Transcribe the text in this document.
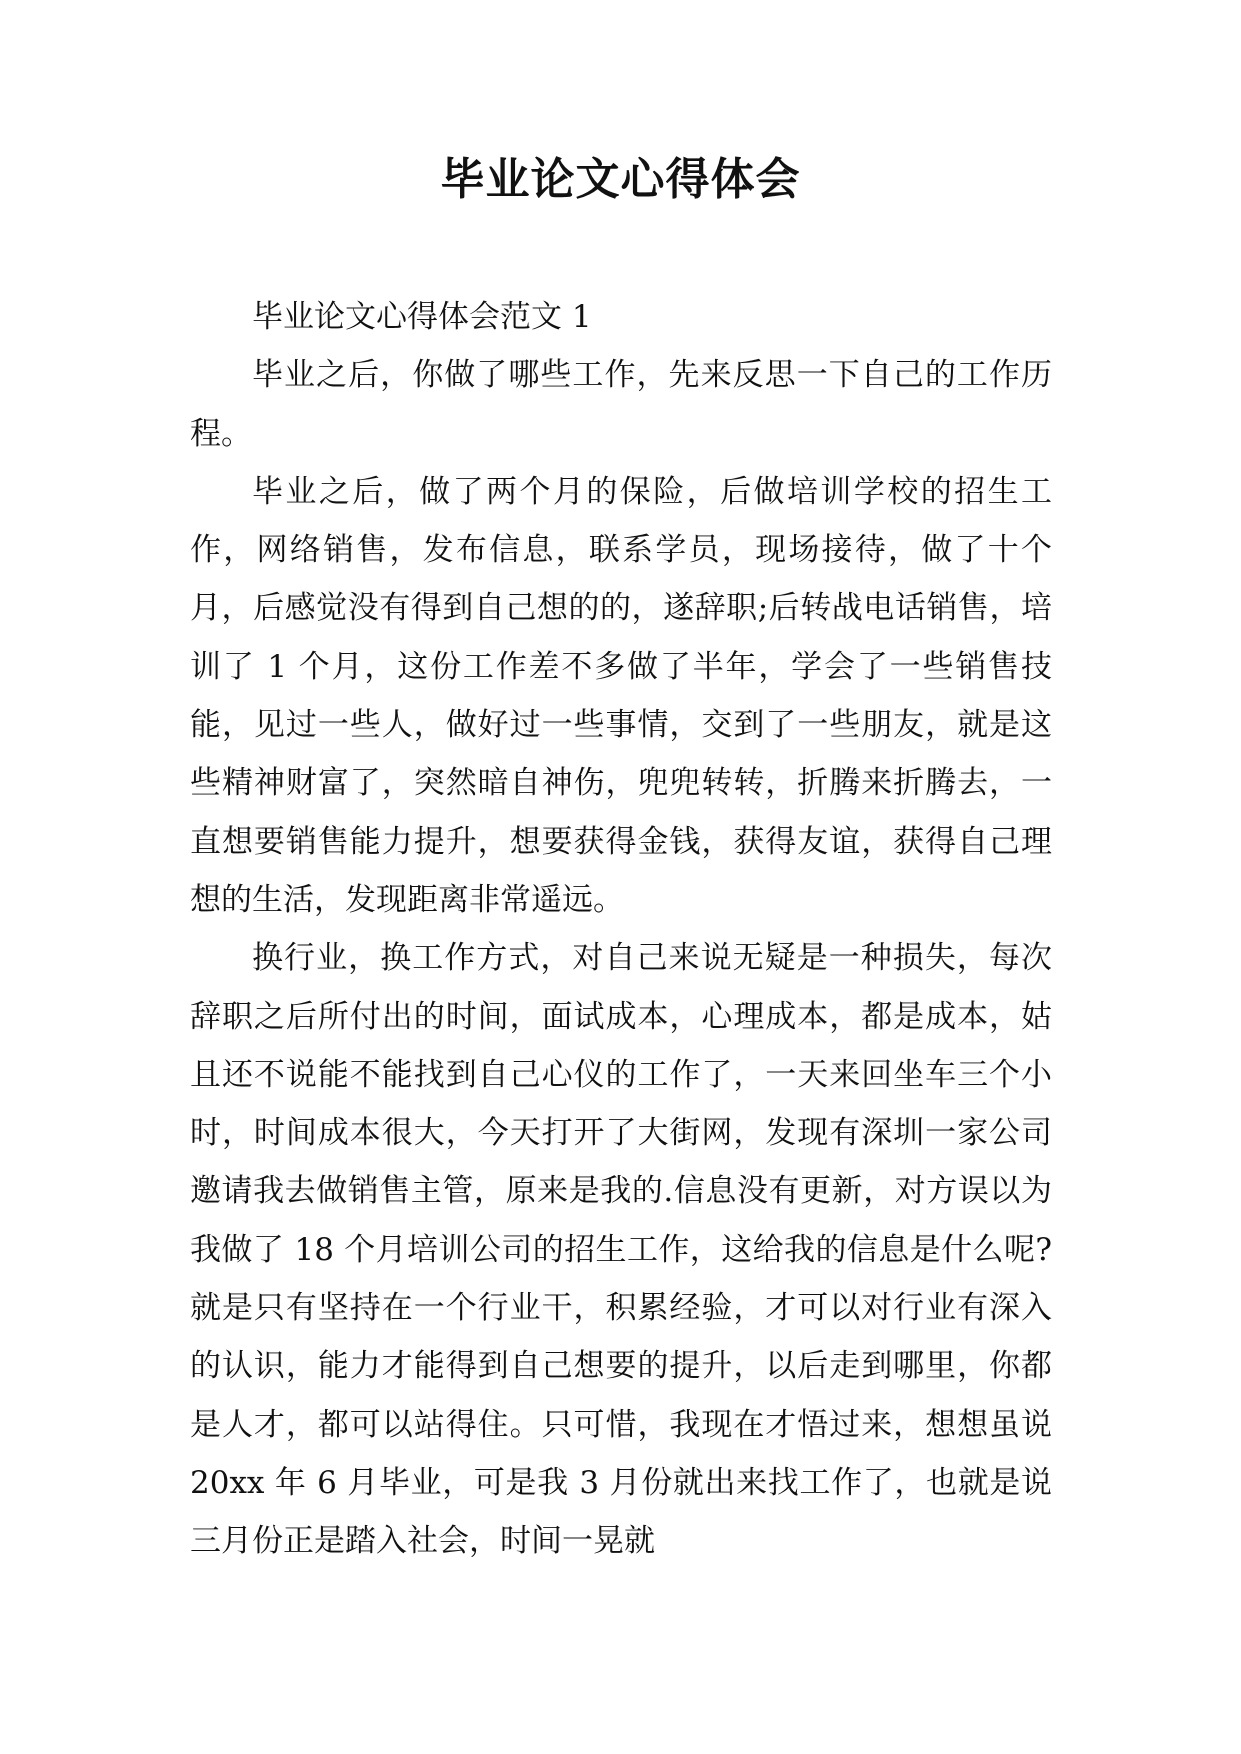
毕业论文心得体会

毕业论文心得体会范文 1

毕业之后，你做了哪些工作，先来反思一下自己的工作历程。

毕业之后，做了两个月的保险，后做培训学校的招生工作，网络销售，发布信息，联系学员，现场接待，做了十个月，后感觉没有得到自己想的的，遂辞职;后转战电话销售，培训了 1 个月，这份工作差不多做了半年，学会了一些销售技能，见过一些人，做好过一些事情，交到了一些朋友，就是这些精神财富了，突然暗自神伤，兜兜转转，折腾来折腾去，一直想要销售能力提升，想要获得金钱，获得友谊，获得自己理想的生活，发现距离非常遥远。

换行业，换工作方式，对自己来说无疑是一种损失，每次辞职之后所付出的时间，面试成本，心理成本，都是成本，姑且还不说能不能找到自己心仪的工作了，一天来回坐车三个小时，时间成本很大，今天打开了大街网，发现有深圳一家公司邀请我去做销售主管，原来是我的.信息没有更新，对方误以为我做了 18 个月培训公司的招生工作，这给我的信息是什么呢?就是只有坚持在一个行业干，积累经验，才可以对行业有深入的认识，能力才能得到自己想要的提升，以后走到哪里，你都是人才，都可以站得住。只可惜，我现在才悟过来，想想虽说 20xx 年 6 月毕业，可是我 3 月份就出来找工作了，也就是说三月份正是踏入社会，时间一晃就
